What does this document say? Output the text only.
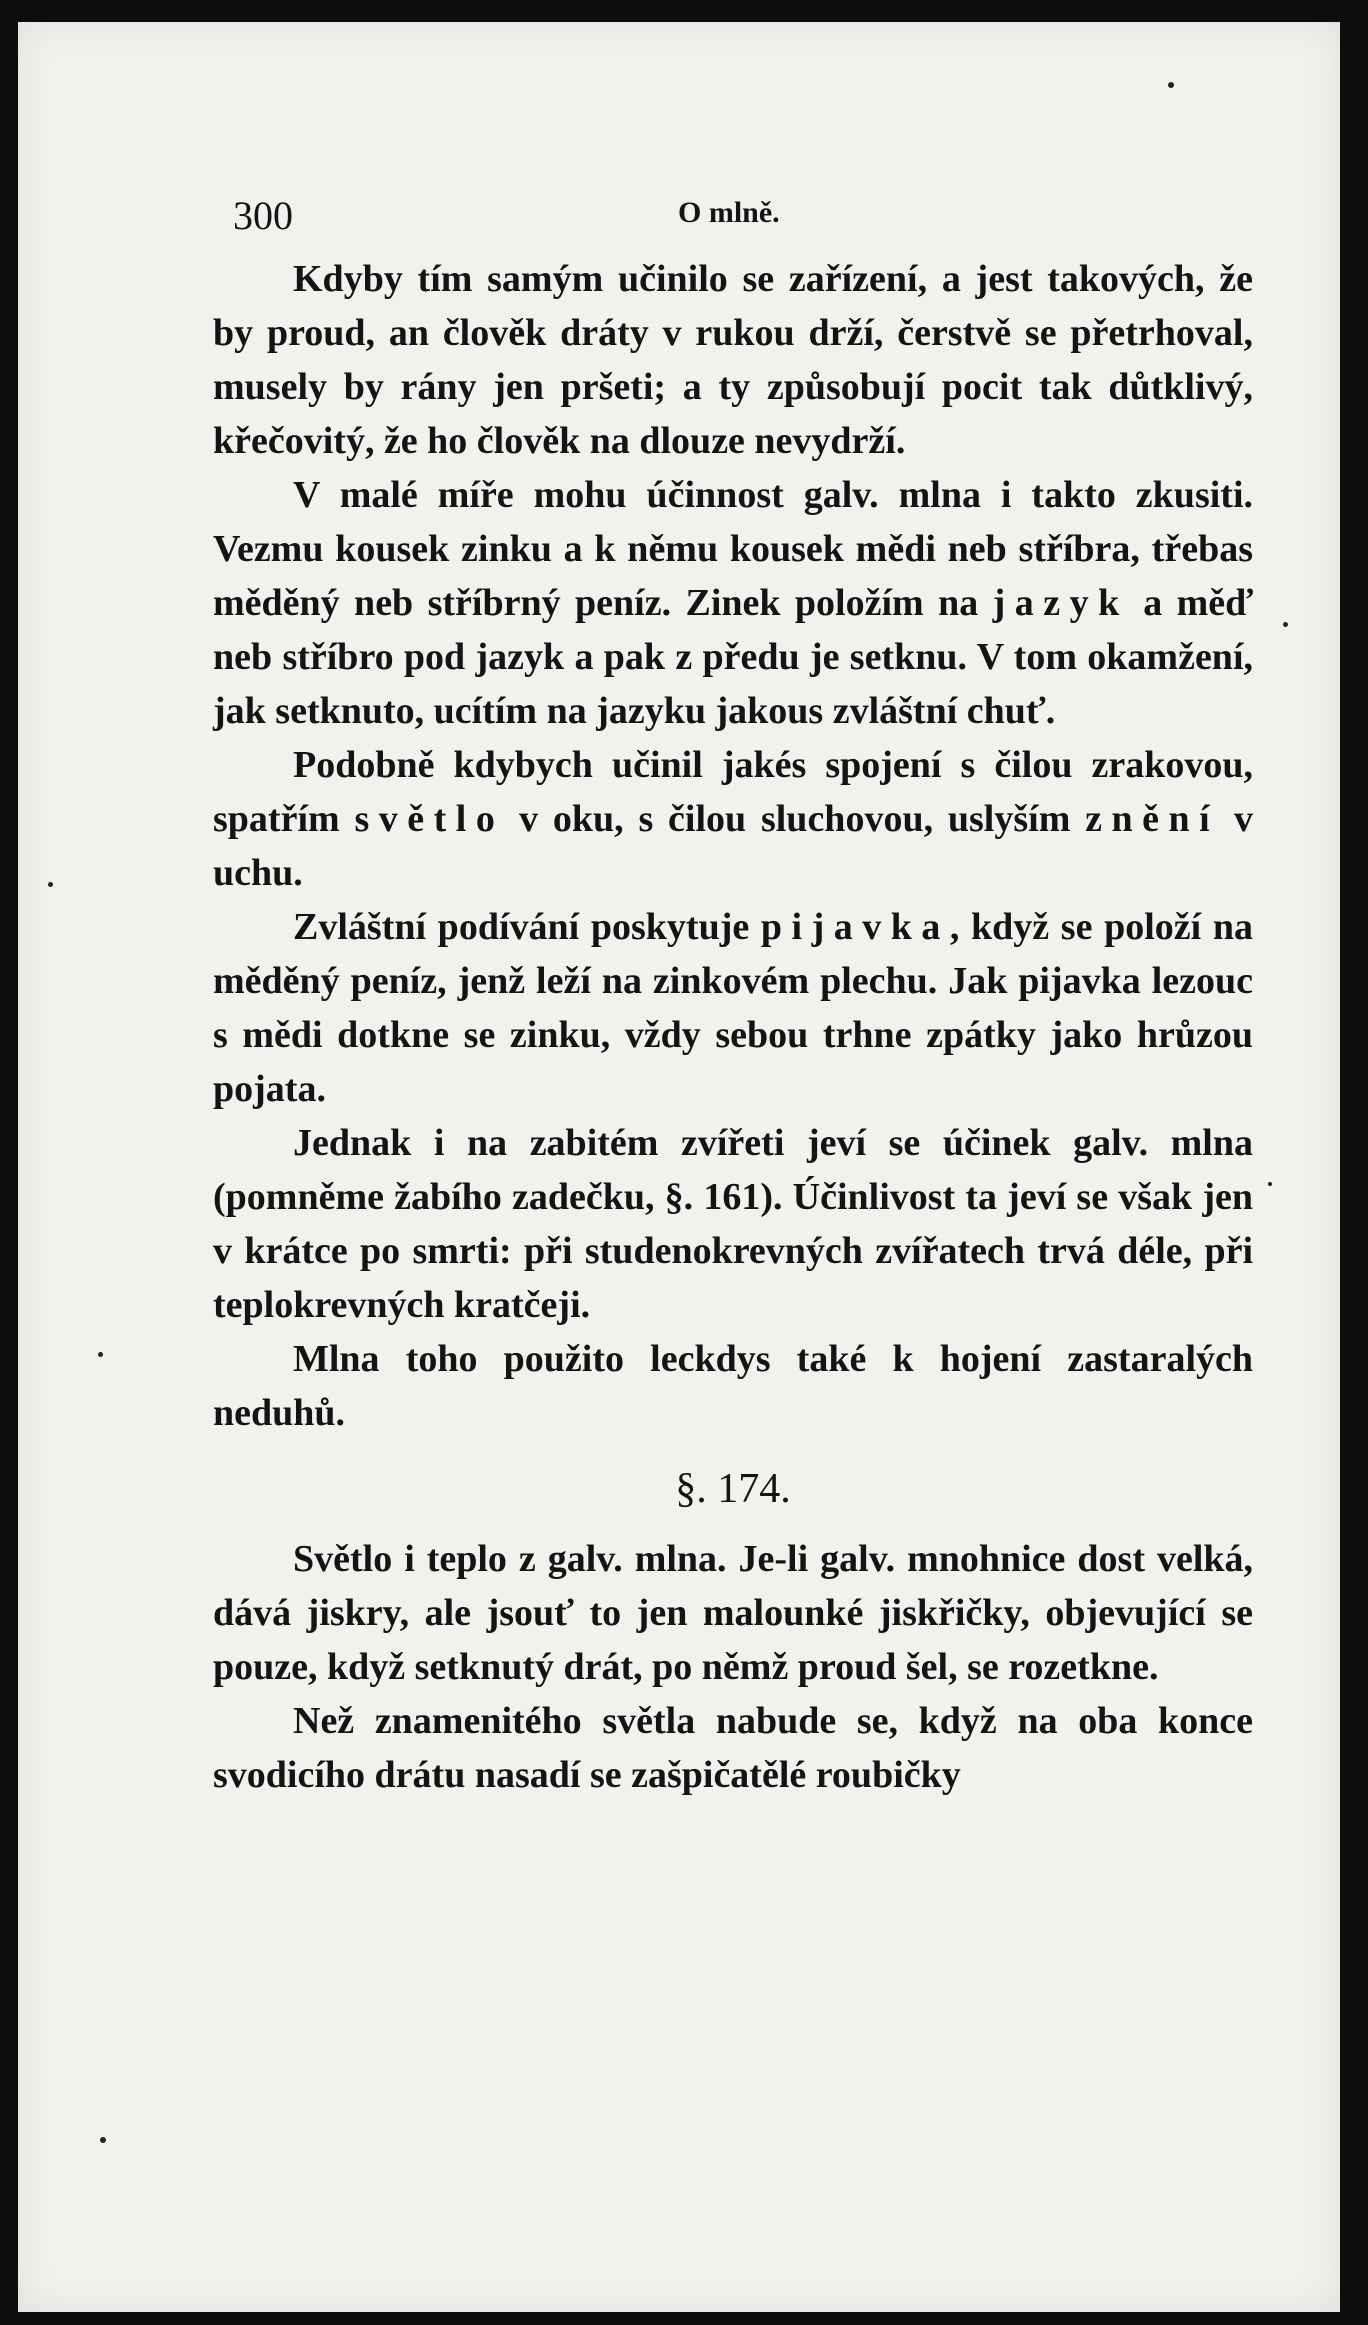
300	O mlně.

Kdyby tím samým učinilo se zařízení, a jest takových, že by proud, an člověk dráty v rukou drží, čerstvě se přetrhoval, musely by rány jen pršeti; a ty způsobují pocit tak důtklivý, křečovitý, že ho člověk na dlouze nevydrží.

V malé míře mohu účinnost galv. mlna i takto zkusiti. Vezmu kousek zinku a k němu kousek mědi neb stříbra, třebas měděný neb stříbrný peníz. Zinek položím na jazyk a měď neb stříbro pod jazyk a pak z předu je setknu. V tom okamžení, jak setknuto, ucítím na jazyku jakous zvláštní chuť.

Podobně kdybych učinil jakés spojení s čilou zrakovou, spatřím světlo v oku, s čilou sluchovou, uslyším znění v uchu.

Zvláštní podívání poskytuje pijavka, když se položí na měděný peníz, jenž leží na zinkovém plechu. Jak pijavka lezouc s mědi dotkne se zinku, vždy sebou trhne zpátky jako hrůzou pojata.

Jednak i na zabitém zvířeti jeví se účinek galv. mlna (pomněme žabího zadečku, §. 161). Účinlivost ta jeví se však jen v krátce po smrti: při studenokrevných zvířatech trvá déle, při teplokrevných kratčeji.

Mlna toho použito leckdys také k hojení zastaralých neduhů.

§. 174.

Světlo i teplo z galv. mlna. Je-li galv. mnohnice dost velká, dává jiskry, ale jsouť to jen malounké jiskřičky, objevující se pouze, když setknutý drát, po němž proud šel, se rozetkne.

Než znamenitého světla nabude se, když na oba konce svodicího drátu nasadí se zašpičatělé roubičky
